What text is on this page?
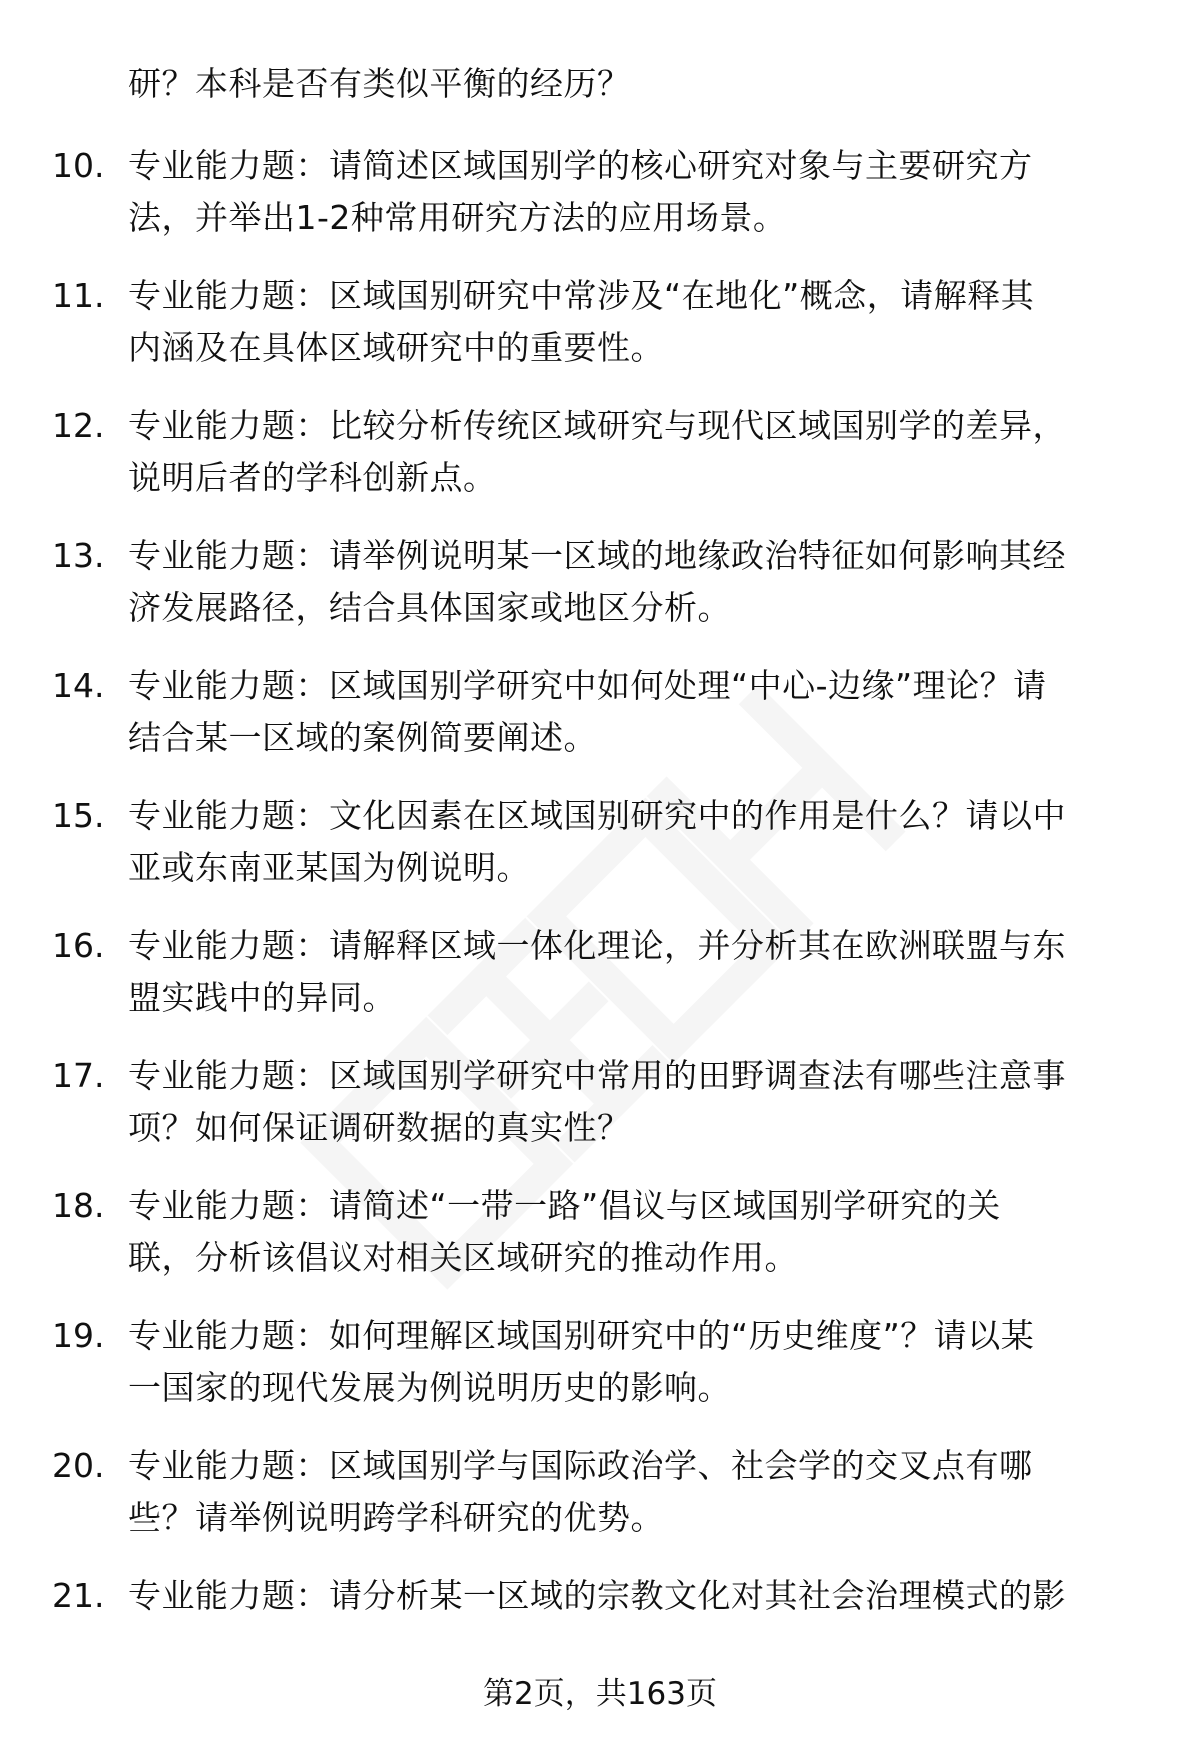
研？本科是否有类似平衡的经历？
10. 专业能力题：请简述区域国别学的核心研究对象与主要研究方
法，并举出1-2种常用研究方法的应用场景。
11. 专业能力题：区域国别研究中常涉及“在地化”概念，请解释其
内涵及在具体区域研究中的重要性。
12. 专业能力题：比较分析传统区域研究与现代区域国别学的差异，
说明后者的学科创新点。
13. 专业能力题：请举例说明某一区域的地缘政治特征如何影响其经
济发展路径，结合具体国家或地区分析。
14. 专业能力题：区域国别学研究中如何处理“中心-边缘”理论？请
结合某一区域的案例简要阐述。
15. 专业能力题：文化因素在区域国别研究中的作用是什么？请以中
亚或东南亚某国为例说明。
16. 专业能力题：请解释区域一体化理论，并分析其在欧洲联盟与东
盟实践中的异同。
17. 专业能力题：区域国别学研究中常用的田野调查法有哪些注意事
项？如何保证调研数据的真实性？
18. 专业能力题：请简述“一带一路”倡议与区域国别学研究的关
联，分析该倡议对相关区域研究的推动作用。
19. 专业能力题：如何理解区域国别研究中的“历史维度”？请以某
一国家的现代发展为例说明历史的影响。
20. 专业能力题：区域国别学与国际政治学、社会学的交叉点有哪
些？请举例说明跨学科研究的优势。
21. 专业能力题：请分析某一区域的宗教文化对其社会治理模式的影
第2页，共163页
